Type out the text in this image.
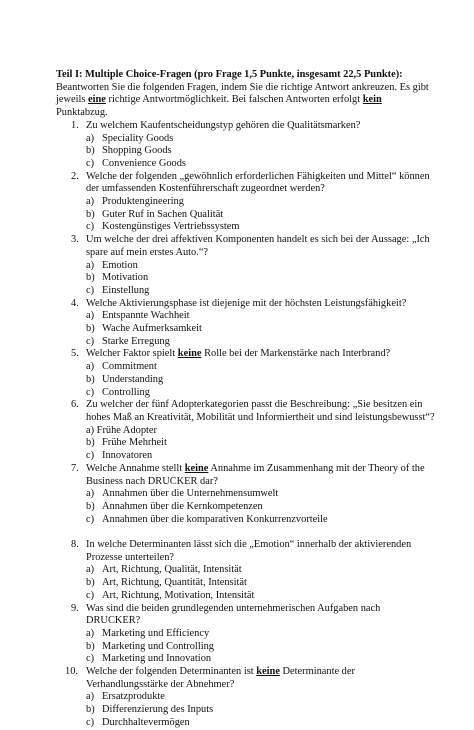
Teil I: Multiple Choice-Fragen (pro Frage 1,5 Punkte, insgesamt 22,5 Punkte):

Beantworten Sie die folgenden Fragen, indem Sie die richtige Antwort ankreuzen. Es gibt jeweils eine richtige Antwortmöglichkeit. Bei falschen Antworten erfolgt kein Punktabzug.

1. Zu welchem Kaufentscheidungstyp gehören die Qualitätsmarken?
a) Speciality Goods
b) Shopping Goods
c) Convenience Goods
2. Welche der folgenden „gewöhnlich erforderlichen Fähigkeiten und Mittel“ können der umfassenden Kostenführerschaft zugeordnet werden?
a) Produktengineering
b) Guter Ruf in Sachen Qualität
c) Kostengünstiges Vertriebssystem
3. Um welche der drei affektiven Komponenten handelt es sich bei der Aussage: „Ich spare auf mein erstes Auto.“?
a) Emotion
b) Motivation
c) Einstellung
4. Welche Aktivierungsphase ist diejenige mit der höchsten Leistungsfähigkeit?
a) Entspannte Wachheit
b) Wache Aufmerksamkeit
c) Starke Erregung
5. Welcher Faktor spielt keine Rolle bei der Markenstärke nach Interbrand?
a) Commitment
b) Understanding
c) Controlling
6. Zu welcher der fünf Adopterkategorien passt die Beschreibung: „Sie besitzen ein hohes Maß an Kreativität, Mobilität und Informiertheit und sind leistungsbewusst“? a) Frühe Adopter
b) Frühe Mehrheit
c) Innovatoren
7. Welche Annahme stellt keine Annahme im Zusammenhang mit der Theory of the Business nach DRUCKER dar?
a) Annahmen über die Unternehmensumwelt
b) Annahmen über die Kernkompetenzen
c) Annahmen über die komparativen Konkurrenzvorteile
8. In welche Determinanten lässt sich die „Emotion“ innerhalb der aktivierenden Prozesse unterteilen?
a) Art, Richtung, Qualität, Intensität
b) Art, Richtung, Quantität, Intensität
c) Art, Richtung, Motivation, Intensität
9. Was sind die beiden grundlegenden unternehmerischen Aufgaben nach DRUCKER?
a) Marketing und Efficiency
b) Marketing und Controlling
c) Marketing und Innovation
10. Welche der folgenden Determinanten ist keine Determinante der Verhandlungsstärke der Abnehmer?
a) Ersatzprodukte
b) Differenzierung des Inputs
c) Durchhaltevermögen
